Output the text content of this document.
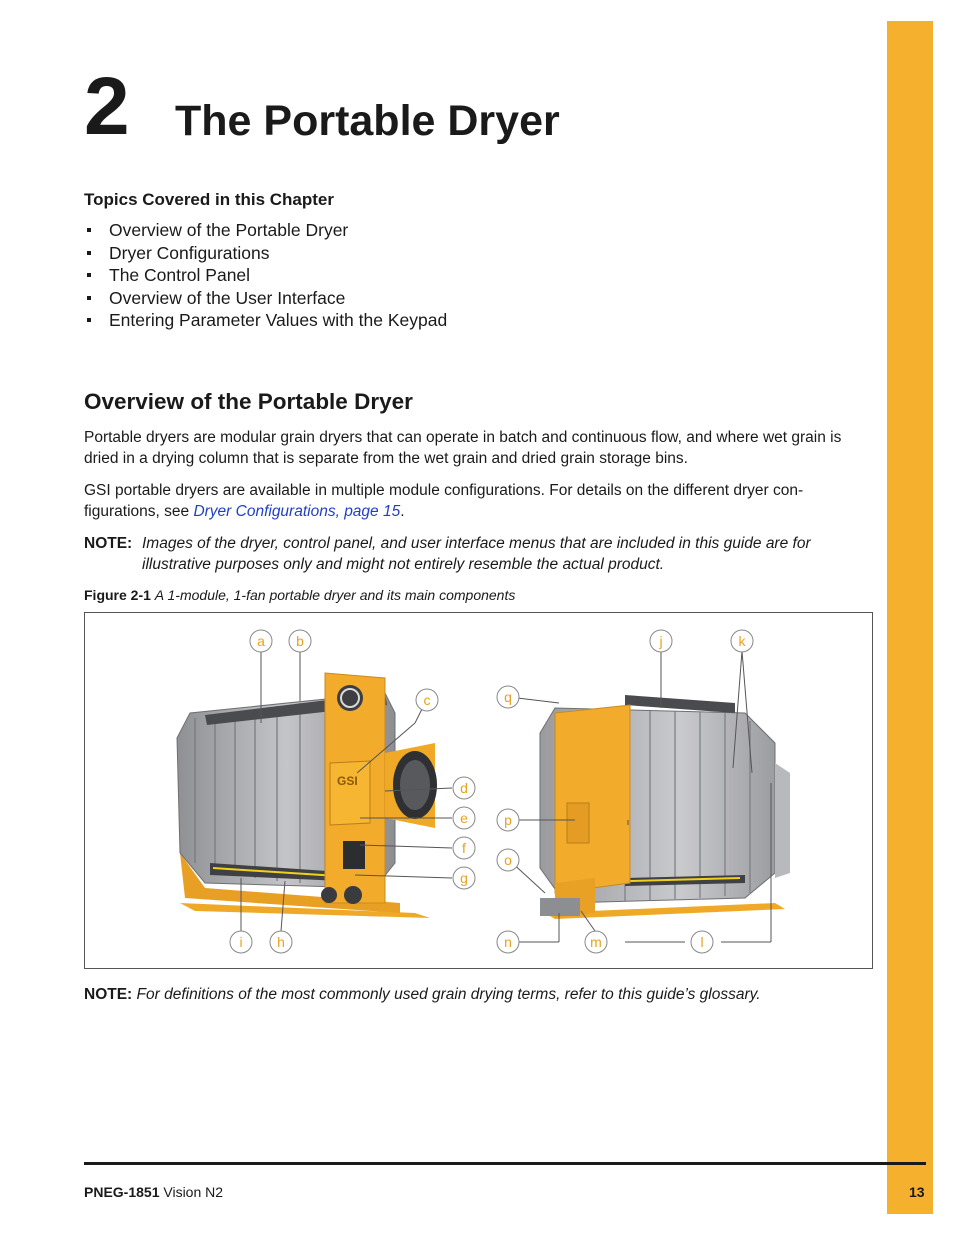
2 The Portable Dryer
Topics Covered in this Chapter
Overview of the Portable Dryer
Dryer Configurations
The Control Panel
Overview of the User Interface
Entering Parameter Values with the Keypad
Overview of the Portable Dryer

Portable dryers are modular grain dryers that can operate in batch and continuous flow, and where wet grain is dried in a drying column that is separate from the wet grain and dried grain storage bins.

GSI portable dryers are available in multiple module configurations. For details on the different dryer con-figurations, see Dryer Configurations, page 15.

NOTE: Images of the dryer, control panel, and user interface menus that are included in this guide are for illustrative purposes only and might not entirely resemble the actual product.
Figure 2-1 A 1-module, 1-fan portable dryer and its main components
GSI
a b
c
d
e
f
g
h
i
j	k
l
m
n
o
p
q
NOTE: For definitions of the most commonly used grain drying terms, refer to this guide’s glossary.
PNEG-1851 Vision N2	13
